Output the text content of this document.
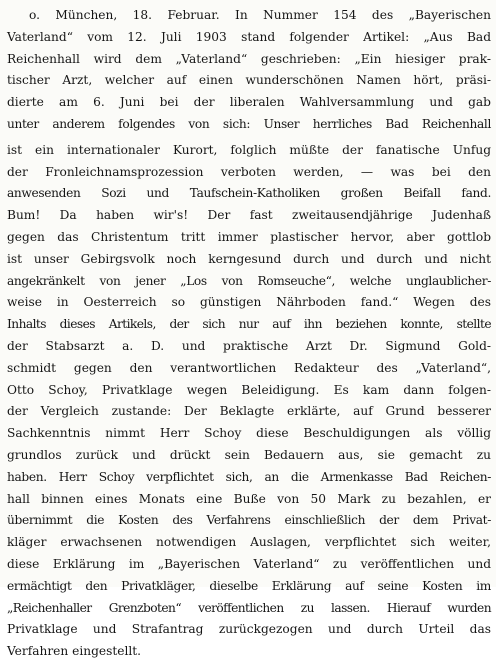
o. München, 18. Februar. In Nummer 154 des „Bayerischen
Vaterland“ vom 12. Juli 1903 stand folgender Artikel: „Aus Bad
Reichenhall wird dem „Vaterland“ geschrieben: „Ein hiesiger prak-
tischer Arzt, welcher auf einen wunderschönen Namen hört, präsi-
dierte am 6. Juni bei der liberalen Wahlversammlung und gab
unter anderem folgendes von sich: Unser herrliches Bad Reichenhall
ist ein internationaler Kurort, folglich müßte der fanatische Unfug
der Fronleichnamsprozession verboten werden, — was bei den
anwesenden Sozi und Taufschein-Katholiken großen Beifall fand.
Bum! Da haben wir's! Der fast zweitausendjährige Judenhaß
gegen das Christentum tritt immer plastischer hervor, aber gottlob
ist unser Gebirgsvolk noch kerngesund durch und durch und nicht
angekränkelt von jener „Los von Romseuche“, welche unglaublicher-
weise in Oesterreich so günstigen Nährboden fand.“ Wegen des
Inhalts dieses Artikels, der sich nur auf ihn beziehen konnte, stellte
der Stabsarzt a. D. und praktische Arzt Dr. Sigmund Gold-
schmidt gegen den verantwortlichen Redakteur des „Vaterland“,
Otto Schoy, Privatklage wegen Beleidigung. Es kam dann folgen-
der Vergleich zustande: Der Beklagte erklärte, auf Grund besserer
Sachkenntnis nimmt Herr Schoy diese Beschuldigungen als völlig
grundlos zurück und drückt sein Bedauern aus, sie gemacht zu
haben. Herr Schoy verpflichtet sich, an die Armenkasse Bad Reichen-
hall binnen eines Monats eine Buße von 50 Mark zu bezahlen, er
übernimmt die Kosten des Verfahrens einschließlich der dem Privat-
kläger erwachsenen notwendigen Auslagen, verpflichtet sich weiter,
diese Erklärung im „Bayerischen Vaterland“ zu veröffentlichen und
ermächtigt den Privatkläger, dieselbe Erklärung auf seine Kosten im
„Reichenhaller Grenzboten“ veröffentlichen zu lassen. Hierauf wurden
Privatklage und Strafantrag zurückgezogen und durch Urteil das
Verfahren eingestellt.
